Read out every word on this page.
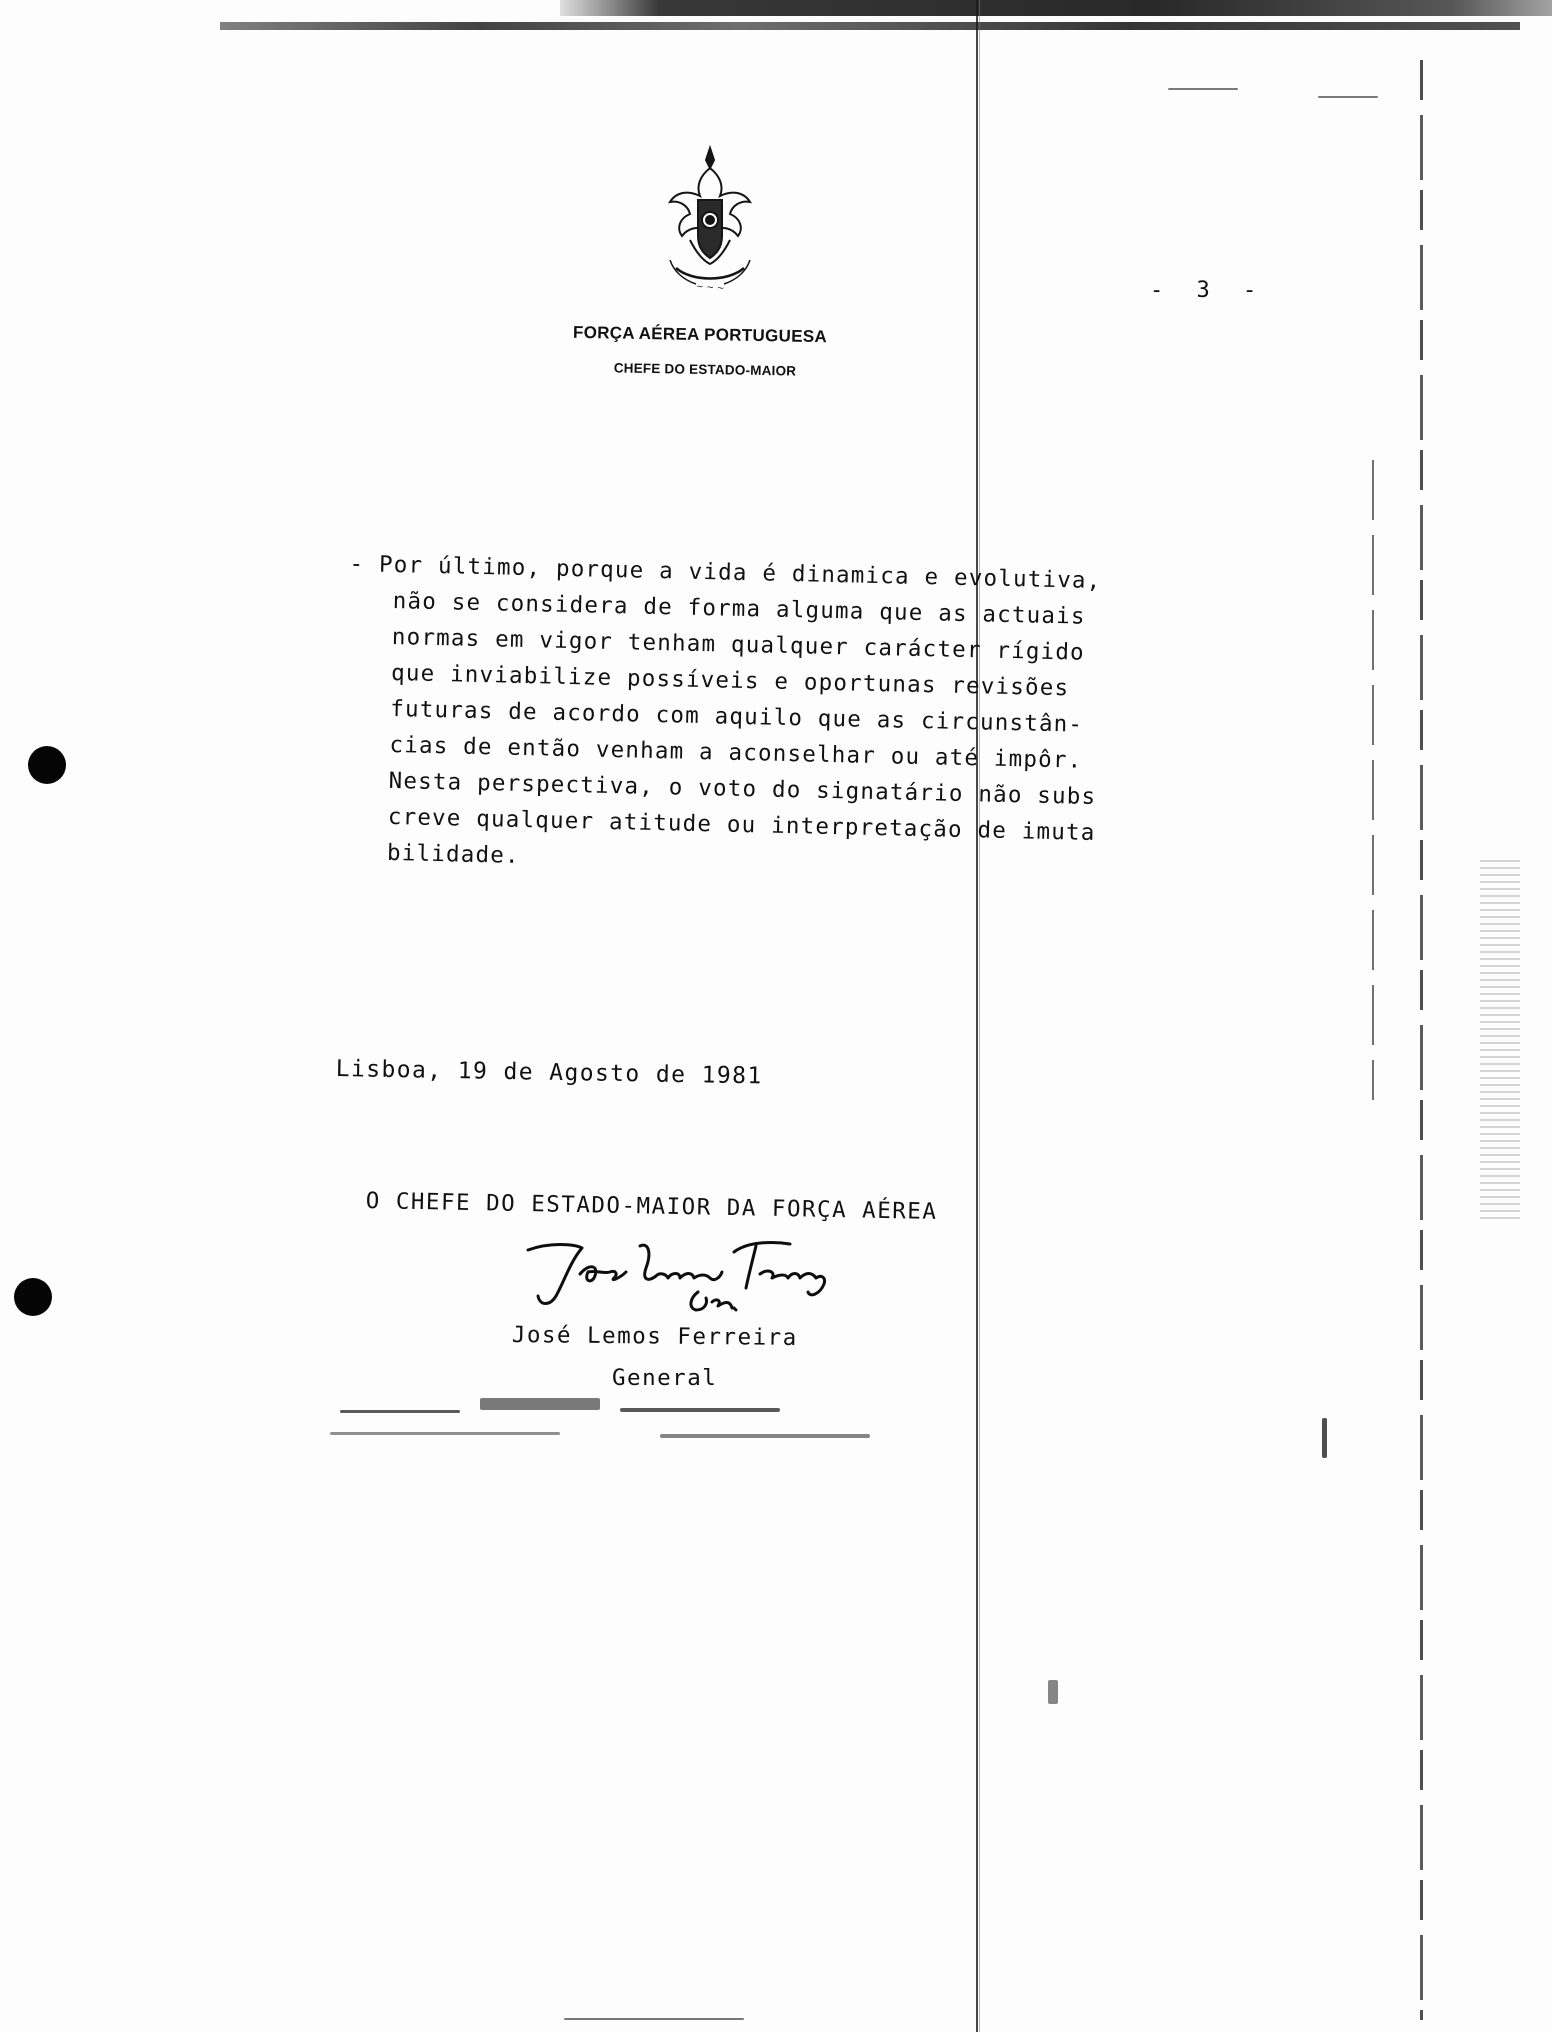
~ ~ ~
FORÇA AÉREA PORTUGUESA
CHEFE DO ESTADO-MAIOR
- 3 -
- Por último, porque a vida é dinamica e evolutiva,
não se considera de forma alguma que as actuais
normas em vigor tenham qualquer carácter rígido
que inviabilize possíveis e oportunas revisões
futuras de acordo com aquilo que as circunstân-
cias de então venham a aconselhar ou até impôr.
Nesta perspectiva, o voto do signatário não subs
creve qualquer atitude ou interpretação de imuta
bilidade.
Lisboa, 19 de Agosto de 1981
O CHEFE DO ESTADO-MAIOR DA FORÇA AÉREA
José Lemos Ferreira
General
